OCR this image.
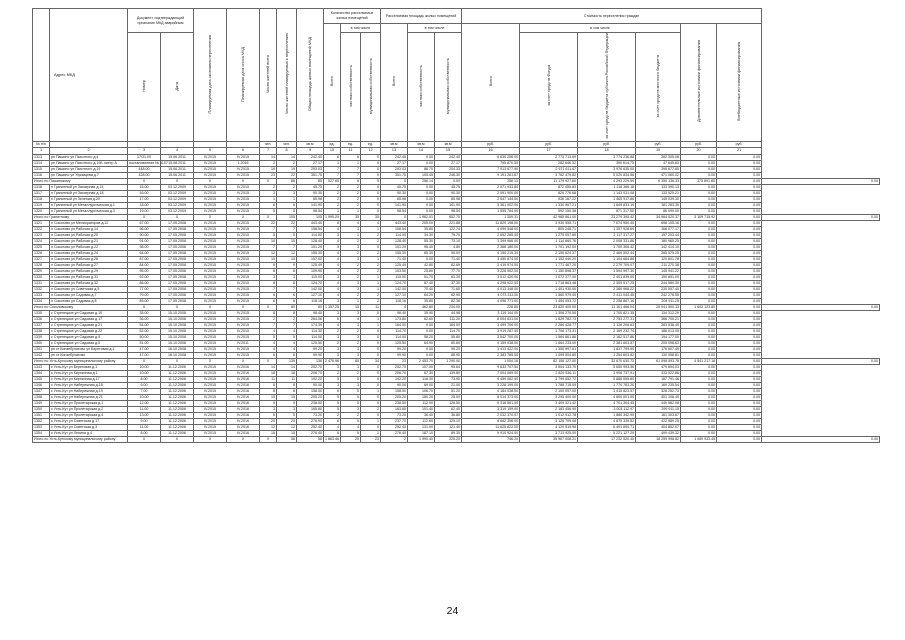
	Адрес МКД	Документ, подтверждающий признание МКД аварийным		Планируемая дата окончания переселения	Планируемая дата сноса МКД	Число жителей всего	Число жителей планируемых к переселению	Общая площадь жилых помещений МКД	Количество расселяемых жилых помещений			Расселяемая площадь жилых помещений			Стоимость переселения граждан						
									Всего	в том числе		Всего	в том числе		Всего	в том числе			Дополнительные источники финансирования	Внебюджетные источники финансирования	
		Номер	Дата							частная собственность	муниципальная собственность		частная собственность	муниципальная собственность		за счет средств Фонда	за счет средств бюджета субъекта Российской Федерации	за счет средств местного бюджета			
№ п/п						чел.	чел.	кв.м	ед.	ед.	ед.	кв.м	кв.м	кв.м	руб.	руб.	руб.	руб.	руб.	руб.	
1	2	3	4	5	6	7	8	9	10	11	12	13	14	15	16	17	18	19	20	21	
1313	рп Пашино ул Пахотного д.4	17/31.00	15.06.2011	IV.2015	IV.2015	14	14	242.40	6	6	0	242.40	0.00	242.40	6 830 256.00	2 773 713.69	3 774 236.88	282 305.06	0.00	0.00	
1314	рп Пашино ул Пахотного д.19Б литер А	постановление № 1107	15.08.2011	IV.2015	1.2016	2	2	27.17	1	1	0	27.17	0.00	27.17	795 870.50	282 646.32	390 614.75	47 645.83	0.00	0.00	
1315	рп Пашино ул Пахотного д.19	448.00	15.06.2011	IV.2015	IV.2015	19	19	293.03	7	7	0	293.03	88.70	204.33	7 913 677.90	2 971 611.67	3 976 635.00	395 677.85	0.00	0.00	
1316	рп Пашино ул Уфимцева д.7	428.00	15.06.2011	IV.2015	IV.2015	23	22	351.75	7	7	0	351.75	105.45	246.30	9 191 281.87	3 762 479.82	5 020 834.56	471 060.02	0.00	0.00	
Итого по Пашинскому		X	X	X	X	X	86	85	527.65	8	5	0	256.14	0.00	256.13	11 179 927.60	4 293 229.59	6 350 136.33	375 891.80	0.00	0.00
1316	п Гранитный ул Заозерная д.14	15.00	03.12.2009	IV.2015	IV.2015	2	2	45.75	2	2	0	45.75	0.00	45.75	2 071 933.80	872 455.83	1 118 366.18	133 390.13	0.00	0.00	
1317	п Гранитный ул Заозерная д.18	16.00	03.12.2009	IV.2015	IV.2015	3	3	90.30	2	2	0	90.30	0.00	90.30	2 091 900.00	829 776.68	1 143 031.08	133 525.21	0.00	0.00	
1318	п Гранитный ул Зеленая д.20	17.00	03.12.2009	IV.2015	IV.2015	1	1	65.98	2	2	0	65.98	0.00	65.98	2 647 144.00	936 167.22	1 465 917.86	145 039.30	0.00	0.00	
1319	п Гранитный ул Металлургическая д.1	18.00	03.12.2009	IV.2015	IV.2015	6	6	141.90	2	2	0	141.90	0.00	141.90	3 361 002.00	1 330 567.21	1 849 833.19	181 283.30	0.00	0.00	
1320	п Гранитный ул Металлургическая д.3	19.00	03.12.2009	IV.2015	IV.2015	5	5	98.54	1	1	0	98.54	0.00	98.54	1 555 784.00	592 150.38	871 317.50	86 099.00	0.00	0.00	
Итого по Гранитному		X	X	X	X	X	105	105	1 990.29	35	35	0	1 962.01	652.70	1 309.31	42 985 661.00	23 279 395.42	34 964 020.37	3 109 715.92	0.00	0.00
1321	п Соколово ул Мелиораторов д.12	67.00	17.05.2008	IV.2015	IV.2015	22	22	443.40	8	4	4	443.40	205.00	221.88	11 829 198.00	3 930 555.71	7 674 950.40	698 105.16	0.00	0.00	
1322	п Соколово ул Рабочая д.14	96.00	17.05.2008	IV.2015	IV.2015	7	7	158.54	4	3	1	158.54	35.80	122.74	4 099 548.00	805 248.71	1 357 928.69	166 077.17	0.00	0.00	
1323	п Соколово ул Рабочая д.20	90.00	17.05.2008	IV.2015	IV.2015	5	5	114.00	3	1	2	114.00	34.30	79.70	2 652 285.00	1 275 057.80	2 117 317.27	197 203.44	0.00	0.00	
1324	п Соколово ул Рабочая д.21	91.00	17.05.2008	IV.2015	IV.2015	10	10	128.40	4	2	2	128.40	55.30	73.10	3 399 966.00	1 114 660.76	2 008 331.86	180 965.25	0.00	0.00	
1325	п Соколово ул Рабочая д.22	98.00	17.05.2008	IV.2015	IV.2015	7	7	101.29	3	3	0	101.29	96.40	4.89	2 368 180.00	1 701 192.00	1 700 306.42	142 414.10	0.00	0.00	
1326	п Соколово ул Рабочая д.24	64.00	17.05.2008	IV.2015	IV.2015	12	12	155.30	4	2	2	155.30	65.30	90.00	4 150 215.30	2 150 624.37	2 469 502.44	285 575.25	0.00	0.00	
1327	п Соколово ул Рабочая д.26	87.00	17.05.2008	IV.2015	IV.2015	10	10	157.00	4	3	1	71.40	0.00	71.40	3 450 874.00	1 152 040.20	1 104 684.86	120 801.78	0.00	0.00	
1328	п Соколово ул Рабочая д.27	84.00	17.05.2008	IV.2015	IV.2015	9	9	125.49	4	2	2	125.49	42.80	82.69	3 419 974.00	1 771 467.20	2 279 709.07	211 270.38	0.00	0.00	
1329	п Соколово ул Рабочая д.29	95.00	17.05.2008	IV.2015	IV.2015	8	8	109.90	4	2	2	103.50	25.80	77.70	3 228 502.00	1 150 898.37	1 594 997.30	145 941.22	0.00	0.00	
1330	п Соколово ул Рабочая д.31	92.00	17.05.2008	IV.2015	IV.2015	3	3	115.00	3	2	1	115.00	51.70	63.30	3 012 420.00	1 072 377.00	2 401 839.00	190 651.00	0.00	0.00	
1331	п Соколово ул Рабочая д.32	86.00	17.05.2008	IV.2015	IV.2015	8	8	124.70	4	3	1	124.70	87.40	37.30	4 298 922.00	1 718 863.48	2 305 517.25	244 580.30	0.00	0.00	
1332	п Соколово ул Советская д.5	77.00	17.05.2008	IV.2015	IV.2015	7	7	142.00	4	3	1	142.00	70.40	71.60	4 013 348.00	1 401 930.00	2 380 968.22	230 557.40	0.00	0.00	
1333	п Соколово ул Садовая д.7	79.00	17.05.2008	IV.2015	IV.2015	6	6	127.10	4	2	2	127.10	64.20	62.90	4 073 311.00	1 560 979.00	2 411 044.45	242 276.55	0.00	0.00	
1334	п Соколово ул Садовая д.8	89.00	17.05.2008	IV.2015	IV.2015	6	6	118.16	3	1	2	118.16	35.80	82.36	4 096 771.00	1 454 053.72	2 258 867.16	204 911.25	0.00	0.00	
Итого по Соколовскому		X	X	X	X	X	80	80	1 357.25	15	11	4	462.80	234.00	228.80	23 820 400.00	11 101 466.04	20 041 500.33	1 602 123.80	0.00	0.00
1335	с Стрелецкое ул Садовая д.10	35.00	15.10.2008	IV.2015	IV.2015	8	8	98.40	3	3	0	98.40	35.90	44.98	3 119 144.00	1 308 270.55	1 700 821.35	134 312.29	0.00	0.00	
1336	с Стрелецкое ул Садовая д.17	36.00	15.10.2008	IV.2015	IV.2015	2	2	264.06	5	4	1	173.80	62.60	111.20	8 004 631.00	1 829 782.73	2 753 277.31	366 700.21	0.00	0.00	
1337	с Стрелецкое ул Садовая д.21	54.00	15.10.2008	IV.2015	IV.2015	7	7	174.39	4	3	1	164.00	0.00	164.00	3 499 706.00	2 284 428.77	3 126 206.63	283 538.40	0.00	0.00	
1338	с Стрелецкое ул Садовая д.22	52.00	15.10.2008	IV.2015	IV.2015	4	4	114.30	2	2	0	114.70	0.00	114.70	3 919 287.00	1 708 173.31	2 169 232.74	186 013.05	0.00	0.00	
1339	с Стрелецкое ул Садовая д.9	50.00	15.10.2008	IV.2015	IV.2015	5	5	114.00	3	3	0	114.00	58.20	55.80	3 542 700.00	1 564 861.86	2 162 517.86	194 177.00	0.00	0.00	
1340	с Стрелецкое ул Садовая д.5	51.00	15.10.2008	IV.2015	IV.2011	4	4	125.50	2	2	0	125.50	64.90	60.60	4 159 938.00	1 664 233.00	2 381 603.57	205 098.63	0.00	0.00	
1341	рп ст Кинзебулатово ул Береговая д.1	47.00	16.10.2008	IV.2015	IV.2015	4	4	99.20	3	3	0	99.20	0.00	99.20	3 413 422.00	1 350 997.61	1 837 799.90	176 607.49	0.00	0.00	
1342	рп ст Кинзебулатово	47.00	16.10.2008	IV.2015	IV.2015	6	6	99.90	3	3	0	99.90	0.00	86.90	2 383 785.00	1 099 504.60	1 254 603.82	130 058.81	0.00	0.00	
Итого по Усть-Кутскому муниципальному району		X	X	X	X	X	139	136	2 476.96	65	34	23	2 453.70	1 290.00	1 054.16	82 108 127.00	33 670 630.73	61 098 593.78	4 541 217.18	0.00	0.00
1343	с Усть-Кут ул Береговая д.1	10.00	11.12.2006	IV.2015	IV.2016	14	14	202.70	3	3	0	202.70	107.00	95.64	9 633 707.50	3 504 133.70	5 650 993.36	479 894.03	0.00	0.00	
1344	с Усть-Кут ул Кирпичная д.1	10.00	11.12.2006	IV.2015	IV.2016	18	18	206.70	2	2	0	206.70	67.30	139.80	7 004 089.00	2 829 536.11	3 906 737.91	333 022.86	0.00	0.00	
1345	с Усть-Кут ул Кирпичная д.17	8.00	11.12.2006	IV.2015	IV.2016	11	11	192.20	5	5	0	192.20	118.30	73.90	9 459 082.00	3 799 652.72	5 886 055.80	167 791.46	0.00	0.00	
1346	с Усть-Кут ул Набережная д.18	9.00	11.12.2006	IV.2015	IV.2016	8	8	90.00	3	3	0	90.00	69.00	21.00	3 228 199.00	1 788 715.09	1 770 783.20	169 235.54	0.00	0.00	
1347	с Усть-Кут ул Набережная д.19	7.00	11.12.2006	IV.2015	IV.2016	8	8	158.00	6	5	1	158.00	106.70	51.20	4 184 038.00	2 100 057.00	3 415 823.57	328 252.73	0.00	0.00	
1348	с Усть-Кут ул Набережная д.21	10.00	11.12.2006	IV.2015	IV.2016	15	15	205.20	5	5	0	205.20	180.20	25.00	8 014 373.00	3 295 400.00	4 800 001.00	401 108.40	0.00	0.00	
1349	с Усть-Кут ул Пролетарская д.1	12.00	11.12.2006	IV.2015	IV.2016	9	9	238.50	5	5	0	238.50	112.00	126.50	9 316 581.00	3 409 321.42	4 701 304.45	449 582.08	0.00	0.00	
1350	с Усть-Кут ул Пролетарская д.2	11.00	11.12.2006	IV.2015	IV.2016	3	3	165.80	5	3	2	163.80	101.40	62.40	3 319 159.00	2 183 456.90	3 003 112.97	299 911.15	0.00	0.00	
1351	с Усть-Кут ул Пролетарская д.4	13.00	11.12.2006	IV.2015	IV.2016	5	5	73.20	2	2	0	73.20	36.40	36.80	2 032 370.07	1 012 912.78	1 880 342.90	161 303.67	0.00	0.00	
1352	с Усть-Кут ул Советская д.17	9.00	11.12.2006	IV.2015	IV.2016	20	20	276.90	6	5	1	237.70	112.60	125.10	8 662 356.00	3 126 709.08	4 875 339.52	422 989.25	0.00	0.00	
1353	с Усть-Кут ул Советская д.3	11.00	11.12.2006	IV.2015	IV.2016	12	12	252.40	4	4	0	252.40	131.00	121.40	11 625 822.00	4 120 519.98	6 491 650.71	404 852.07	0.00	0.00	
1354	с Усть-Кут ул Ленина д.4	8.00	11.12.2006	IV.2015	IV.2016	15	15	276.40	6	5	1	276.40	187.10	89.30	9 910 924.00	3 713 925.00	5 221 127.29	499 439.32	0.00	0.00	
Итого по Усть-Кутскому муниципальному району		X	X	X	X	X	58	58	1 863.46	25	23	2	1 990.40	225.20	746.20	35 967 008.21	17 232 520.45	18 259 998.82	1 089 933.45	0.00	0.00
24
